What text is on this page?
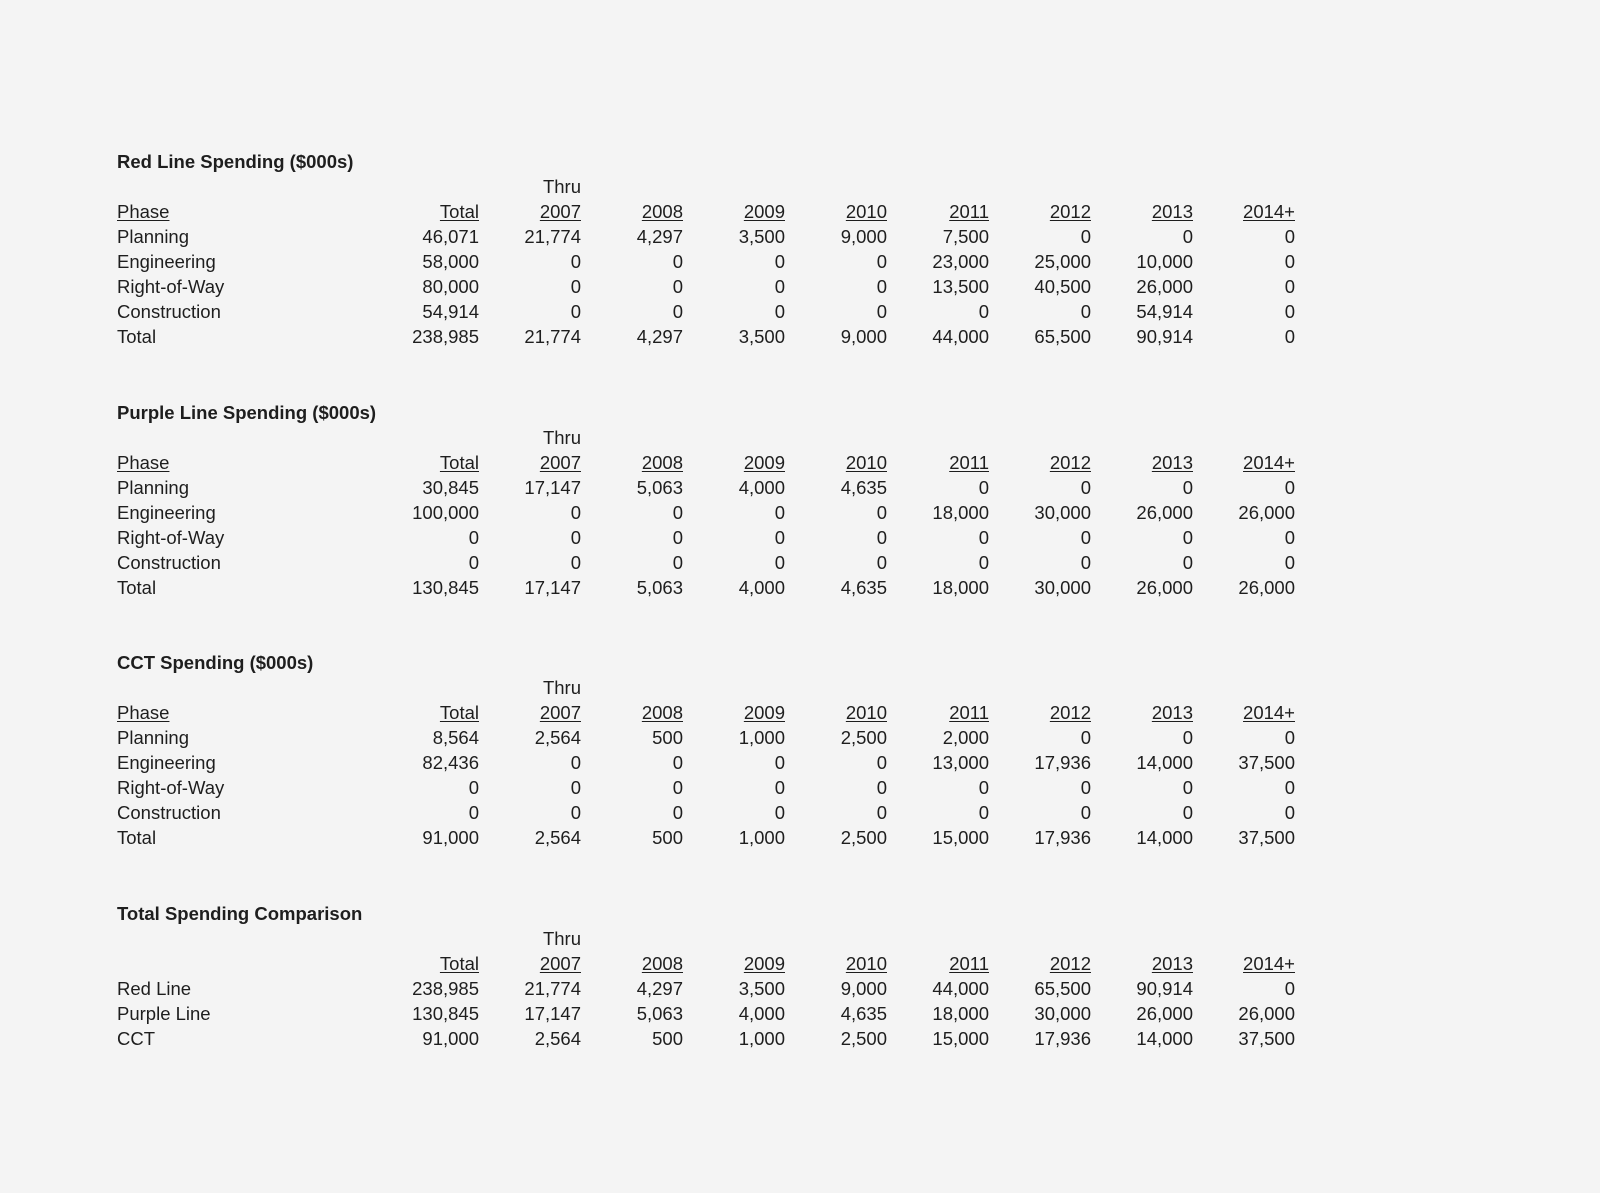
Red Line Spending ($000s)
		Thru							
Phase	Total	2007	2008	2009	2010	2011	2012	2013	2014+
Planning	46,071	21,774	4,297	3,500	9,000	7,500	0	0	0
Engineering	58,000	0	0	0	0	23,000	25,000	10,000	0
Right-of-Way	80,000	0	0	0	0	13,500	40,500	26,000	0
Construction	54,914	0	0	0	0	0	0	54,914	0
Total	238,985	21,774	4,297	3,500	9,000	44,000	65,500	90,914	0
Purple Line Spending ($000s)
		Thru							
Phase	Total	2007	2008	2009	2010	2011	2012	2013	2014+
Planning	30,845	17,147	5,063	4,000	4,635	0	0	0	0
Engineering	100,000	0	0	0	0	18,000	30,000	26,000	26,000
Right-of-Way	0	0	0	0	0	0	0	0	0
Construction	0	0	0	0	0	0	0	0	0
Total	130,845	17,147	5,063	4,000	4,635	18,000	30,000	26,000	26,000
CCT Spending ($000s)
		Thru							
Phase	Total	2007	2008	2009	2010	2011	2012	2013	2014+
Planning	8,564	2,564	500	1,000	2,500	2,000	0	0	0
Engineering	82,436	0	0	0	0	13,000	17,936	14,000	37,500
Right-of-Way	0	0	0	0	0	0	0	0	0
Construction	0	0	0	0	0	0	0	0	0
Total	91,000	2,564	500	1,000	2,500	15,000	17,936	14,000	37,500
Total Spending Comparison
		Thru							
	Total	2007	2008	2009	2010	2011	2012	2013	2014+
Red Line	238,985	21,774	4,297	3,500	9,000	44,000	65,500	90,914	0
Purple Line	130,845	17,147	5,063	4,000	4,635	18,000	30,000	26,000	26,000
CCT	91,000	2,564	500	1,000	2,500	15,000	17,936	14,000	37,500
